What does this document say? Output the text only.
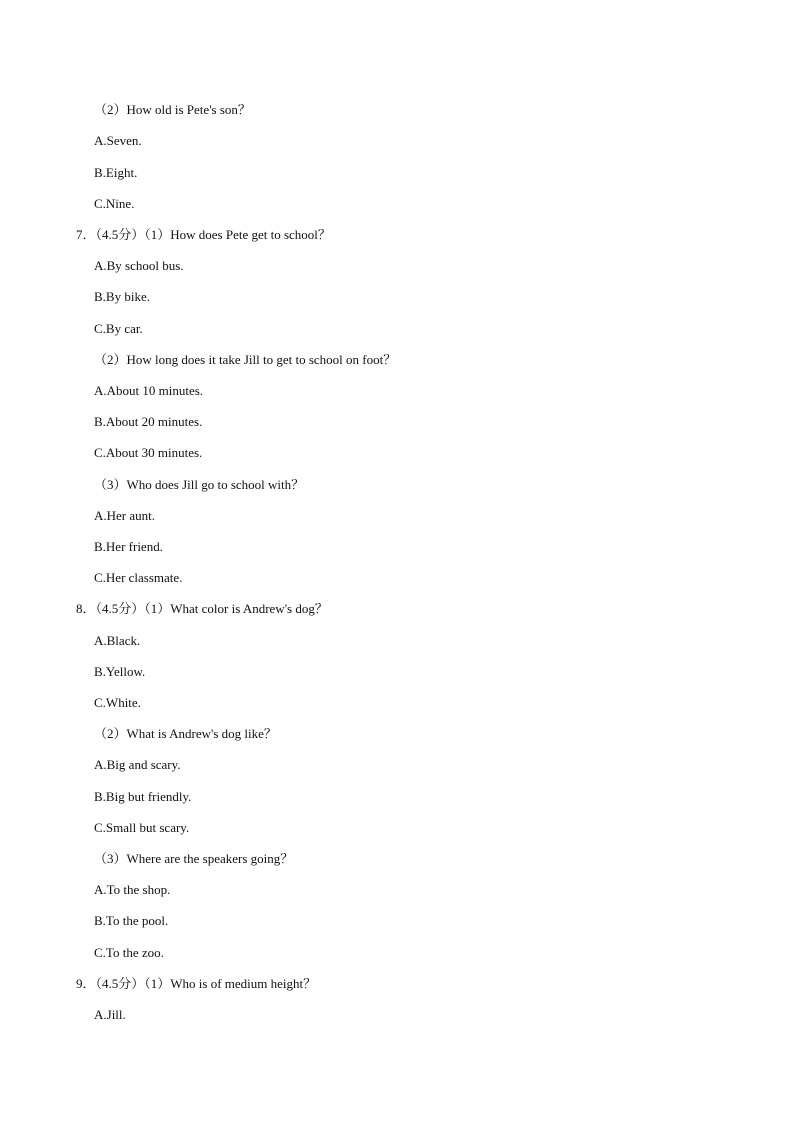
（2）How old is Pete's son？
A.Seven.
B.Eight.
C.Nine.
7．（4.5分）（1）How does Pete get to school？
A.By school bus.
B.By bike.
C.By car.
（2）How long does it take Jill to get to school on foot？
A.About 10 minutes.
B.About 20 minutes.
C.About 30 minutes.
（3）Who does Jill go to school with？
A.Her aunt.
B.Her friend.
C.Her classmate.
8．（4.5分）（1）What color is Andrew's dog？
A.Black.
B.Yellow.
C.White.
（2）What is Andrew's dog like？
A.Big and scary.
B.Big but friendly.
C.Small but scary.
（3）Where are the speakers going？
A.To the shop.
B.To the pool.
C.To the zoo.
9．（4.5分）（1）Who is of medium height？
A.Jill.
